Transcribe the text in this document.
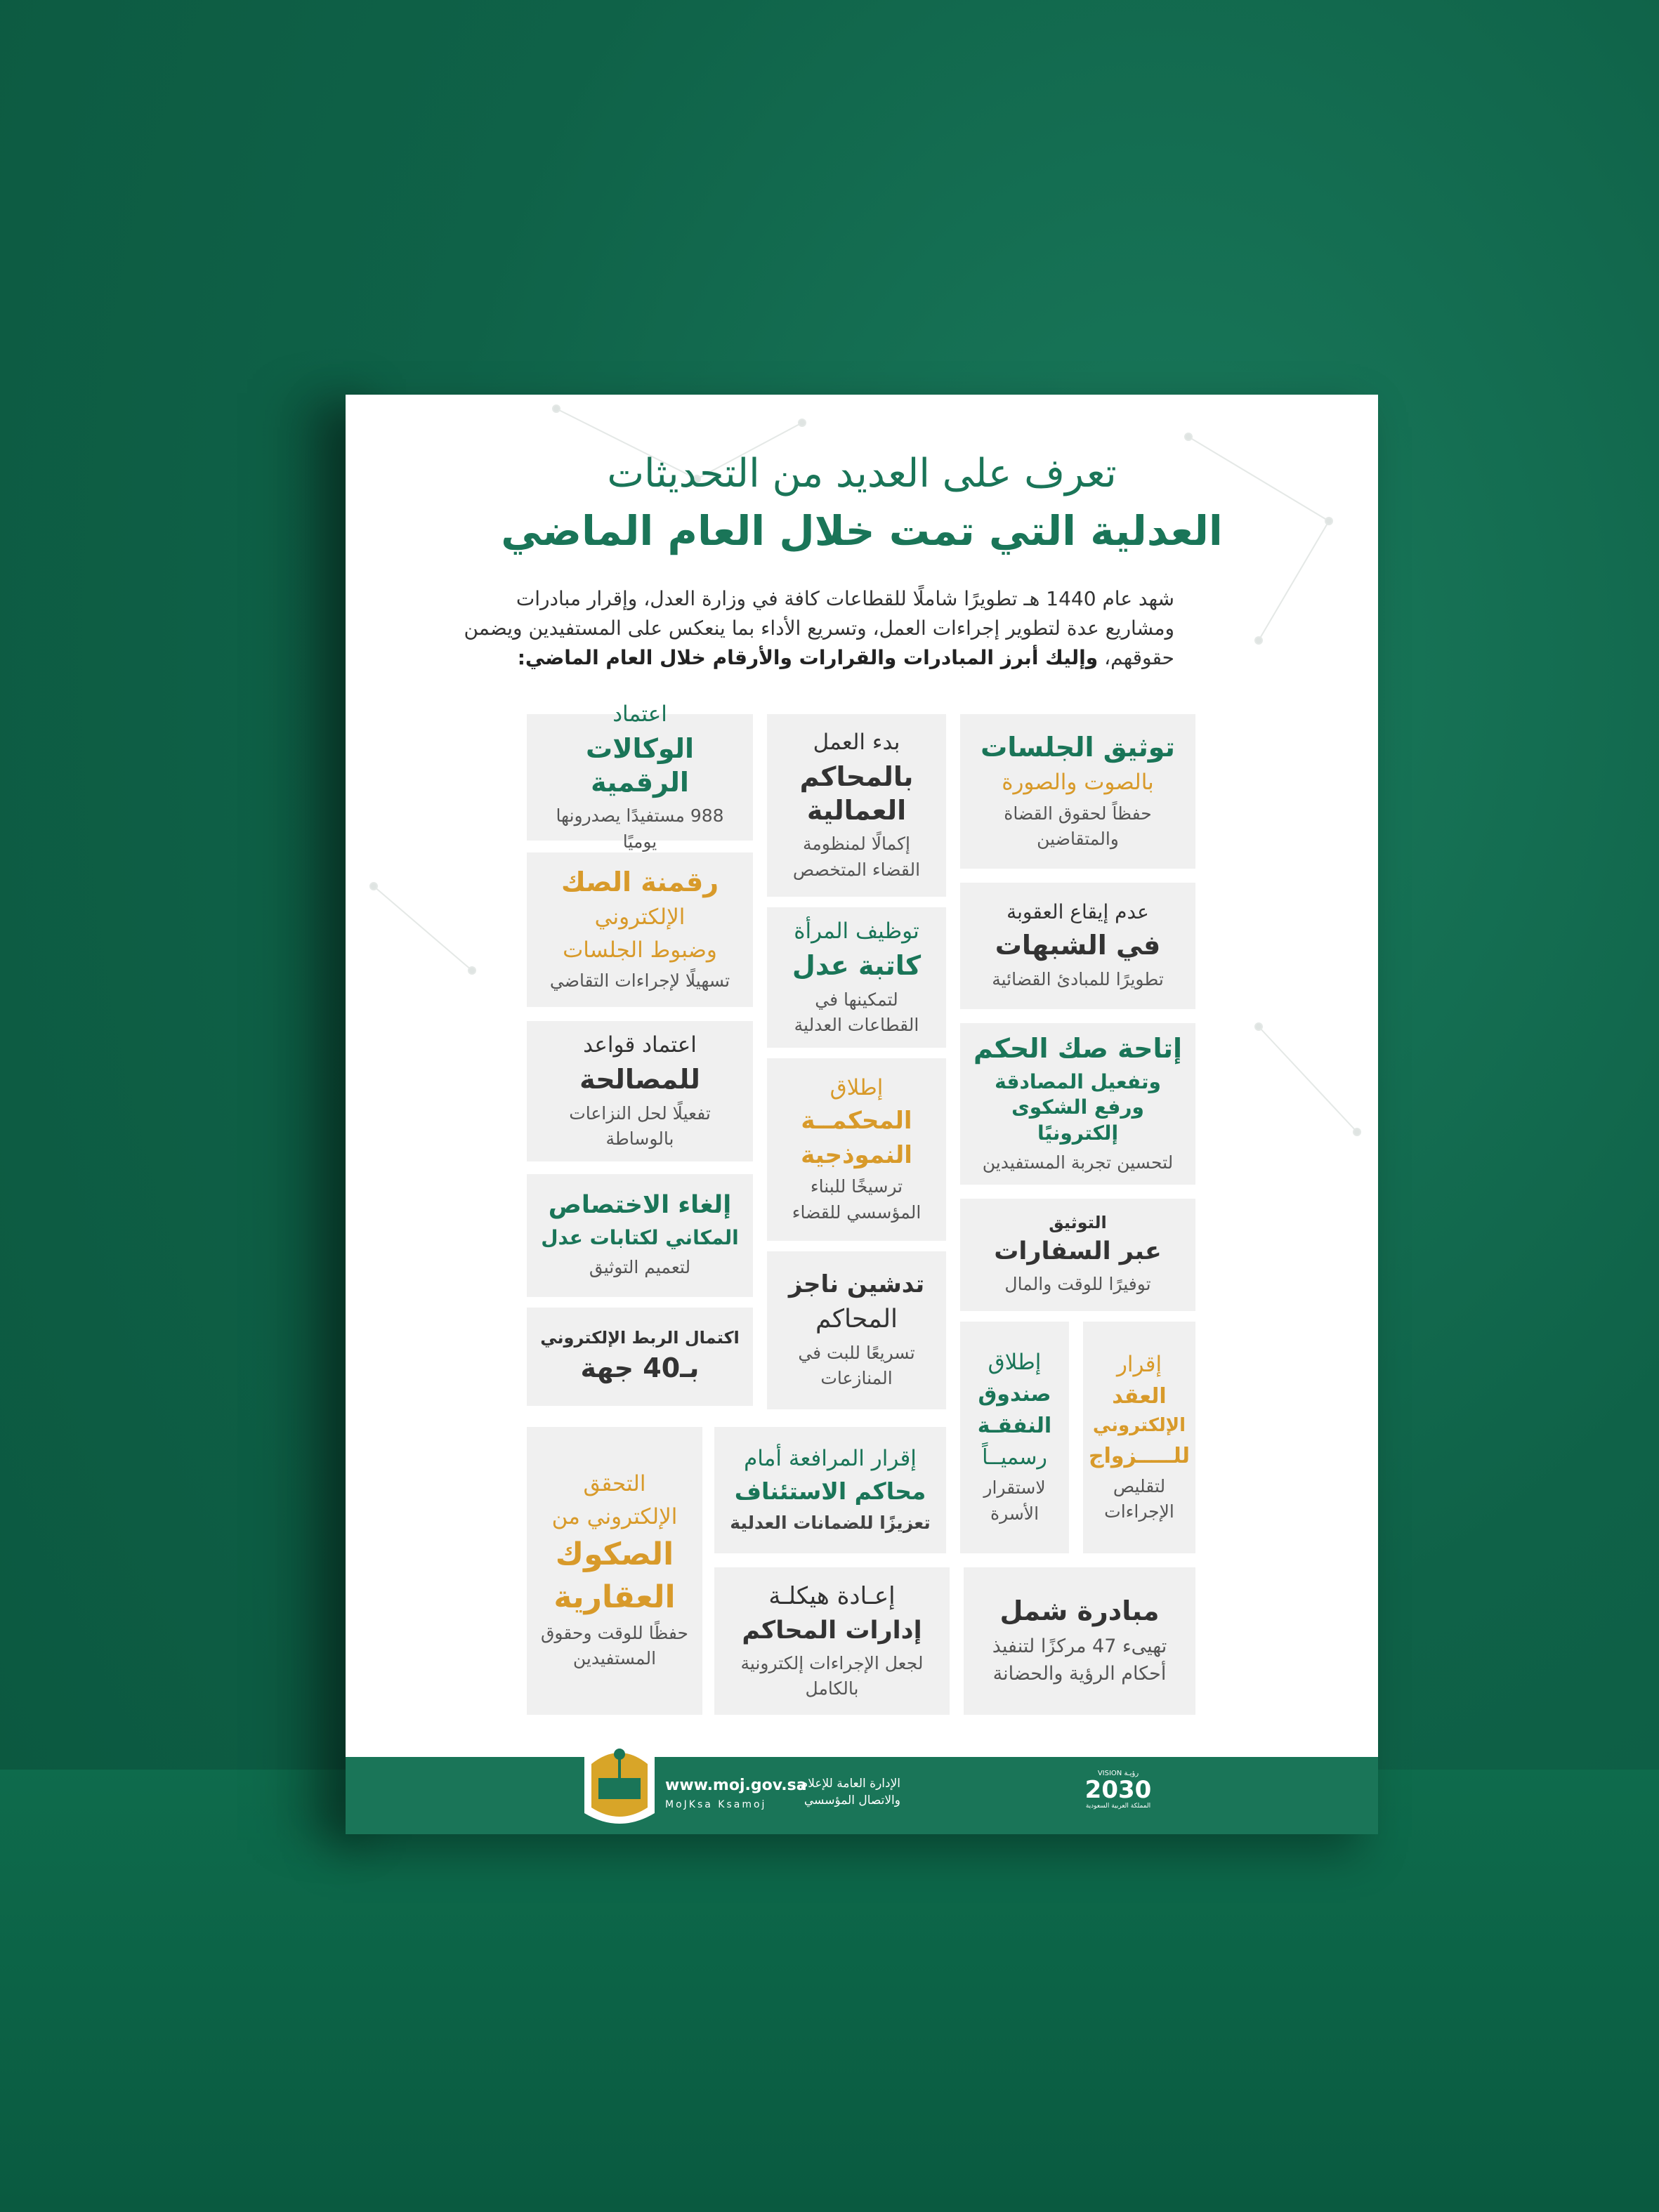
تعرف على العديد من التحديثات
العدلية التي تمت خلال العام الماضي
شهد عام 1440 هـ تطويرًا شاملًا للقطاعات كافة في وزارة العدل، وإقرار مبادرات ومشاريع عدة لتطوير إجراءات العمل، وتسريع الأداء بما ينعكس على المستفيدين ويضمن حقوقهم، وإليك أبرز المبادرات والقرارات والأرقام خلال العام الماضي:
توثيق الجلسات
بالصوت والصورة
حفظاً لحقوق القضاة والمتقاضين
عدم إيقاع العقوبة
في الشبهات
تطويرًا للمبادئ القضائية
إتاحة صك الحكم
وتفعيل المصادقة ورفع الشكوى إلكترونيًا
لتحسين تجربة المستفيدين
التوثيق
عبر السفارات
توفيرًا للوقت والمال
إقرار
العقد
الإلكتروني
للـــــزواج
لتقليص الإجراءات
إطلاق
صندوق
النفقـة
رسميــاً
لاستقرار الأسرة
مبادرة شمل
تهيىء 47 مركزًا لتنفيذ أحكام الرؤية والحضانة
بدء العمل
بالمحاكم العمالية
إكمالًا لمنظومة القضاء المتخصص
توظيف المرأة
كاتبة عدل
لتمكينها في القطاعات العدلية
إطلاق
المحكمــة
النموذجية
ترسيخًا للبناء المؤسسي للقضاء
تدشين ناجز
المحاكم
تسريعًا للبت في المنازعات
اعتماد
الوكالات الرقمية
988 مستفيدًا يصدرونها يوميًا
رقمنة الصك
الإلكتروني
وضبوط الجلسات
تسهيلًا لإجراءات التقاضي
اعتماد قواعد
للمصالحة
تفعيلًا لحل النزاعات بالوساطة
إلغاء الاختصاص
المكاني لكتابات عدل
لتعميم التوثيق
اكتمال الربط الإلكتروني
بـ40 جهة
التحقق
الإلكتروني من
الصكوك
العقارية
حفظًا للوقت وحقوق المستفيدين
إقرار المرافعة أمام
محاكم الاستئناف
تعزيزًا للضمانات العدلية
إعـادة هيكلـة
إدارات المحاكم
لجعل الإجراءات إلكترونية بالكامل
www.moj.gov.sa
MoJKsa Ksamoj
الإدارة العامة للإعلام
والاتصال المؤسسي
VISION رؤيـة
2030
المملكة العربية السعودية
